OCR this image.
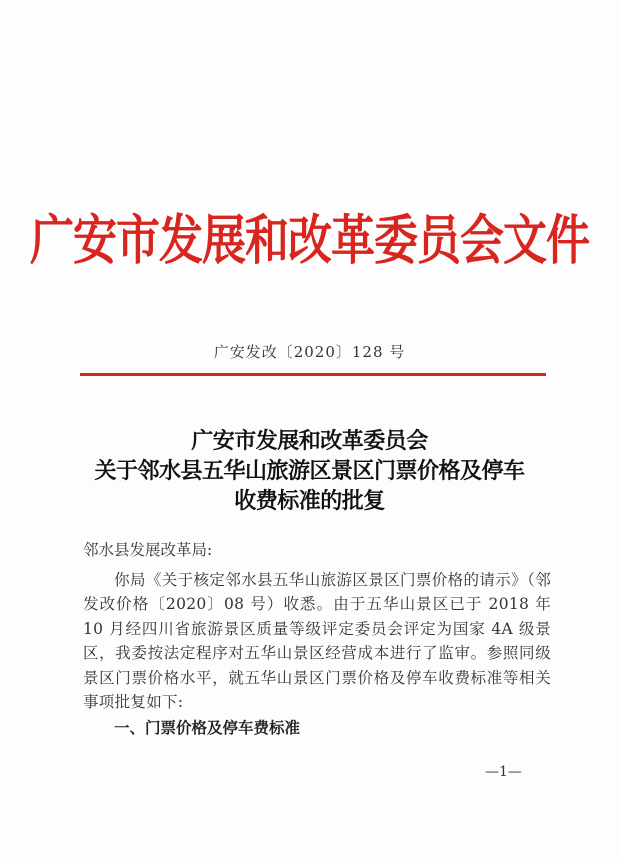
广安市发展和改革委员会文件
广安发改〔2020〕128 号
广安市发展和改革委员会
关于邻水县五华山旅游区景区门票价格及停车
收费标准的批复
邻水县发展改革局:
你局《关于核定邻水县五华山旅游区景区门票价格的请示》（邻发改价格〔2020〕08 号）收悉。由于五华山景区已于 2018 年 10 月经四川省旅游景区质量等级评定委员会评定为国家 4A 级景区，我委按法定程序对五华山景区经营成本进行了监审。参照同级景区门票价格水平，就五华山景区门票价格及停车收费标准等相关事项批复如下:
一、门票价格及停车费标准
—1—
